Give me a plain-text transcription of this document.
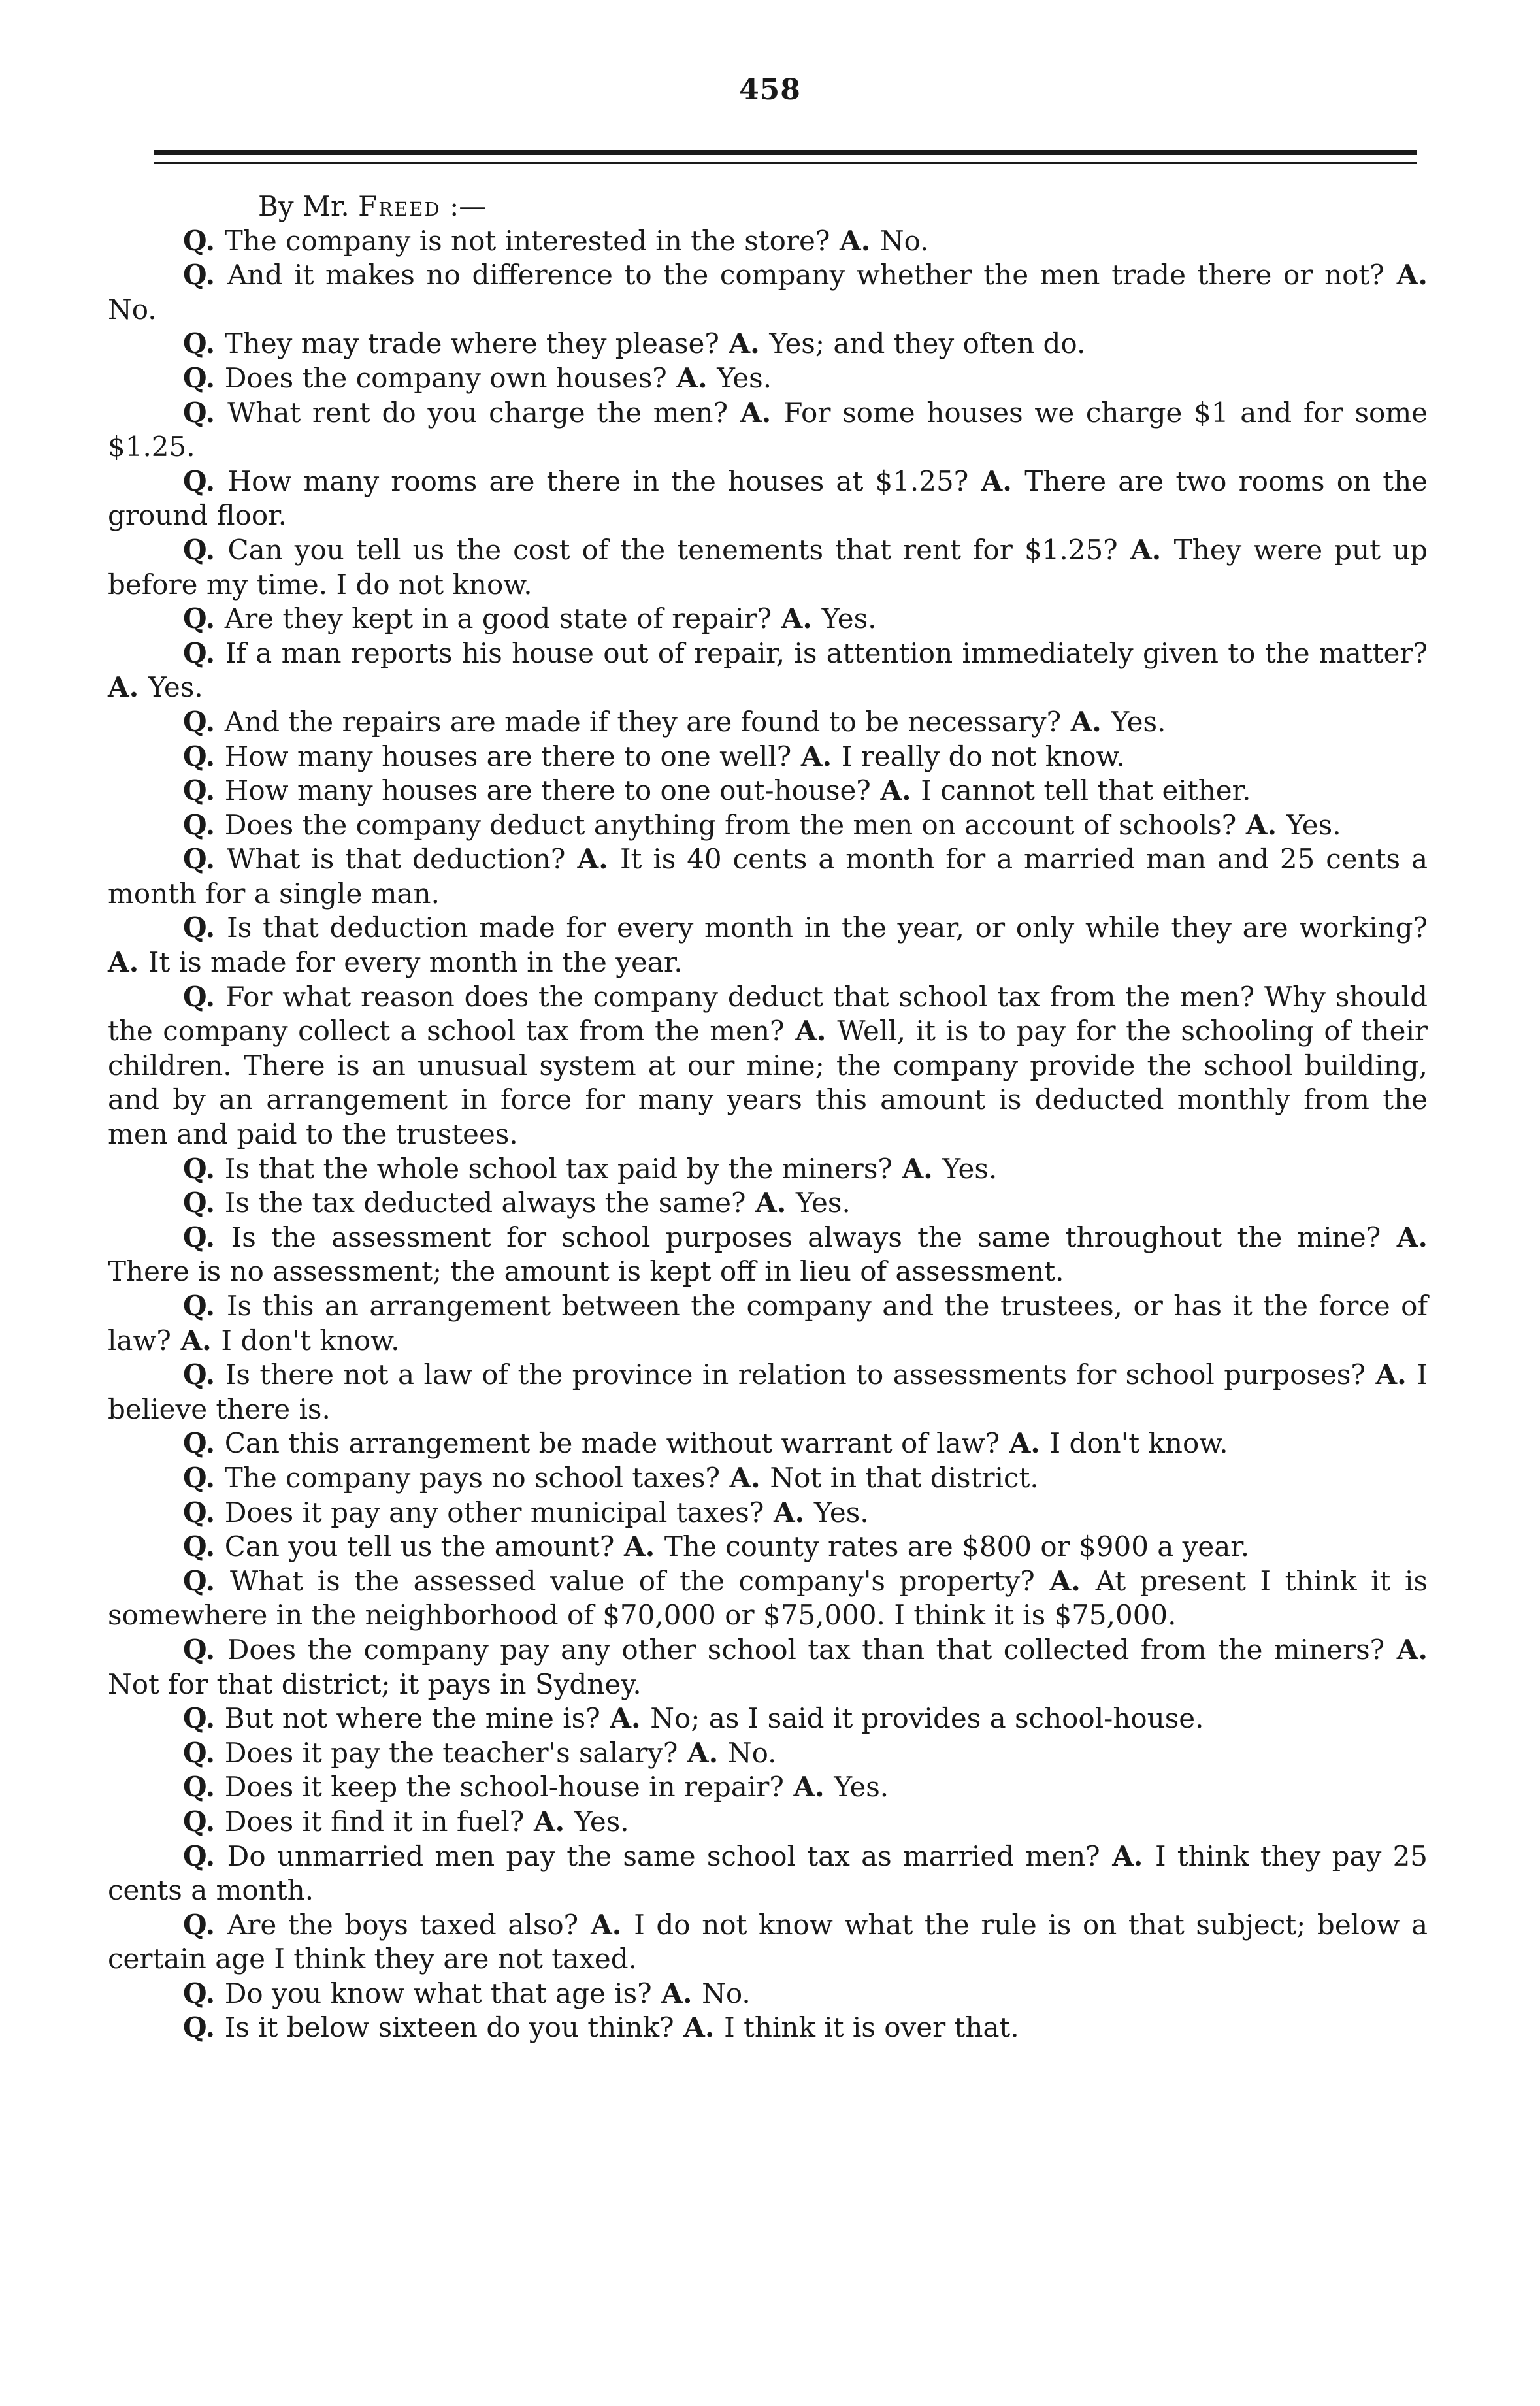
458

By Mr. Freed :—

Q. The company is not interested in the store? A. No.

Q. And it makes no difference to the company whether the men trade there or not? A. No.

Q. They may trade where they please? A. Yes; and they often do.

Q. Does the company own houses? A. Yes.

Q. What rent do you charge the men? A. For some houses we charge $1 and for some $1.25.

Q. How many rooms are there in the houses at $1.25? A. There are two rooms on the ground floor.

Q. Can you tell us the cost of the tenements that rent for $1.25? A. They were put up before my time. I do not know.

Q. Are they kept in a good state of repair? A. Yes.

Q. If a man reports his house out of repair, is attention immediately given to the matter? A. Yes.

Q. And the repairs are made if they are found to be necessary? A. Yes.

Q. How many houses are there to one well? A. I really do not know.

Q. How many houses are there to one out-house? A. I cannot tell that either.

Q. Does the company deduct anything from the men on account of schools? A. Yes.

Q. What is that deduction? A. It is 40 cents a month for a married man and 25 cents a month for a single man.

Q. Is that deduction made for every month in the year, or only while they are working? A. It is made for every month in the year.

Q. For what reason does the company deduct that school tax from the men? Why should the company collect a school tax from the men? A. Well, it is to pay for the schooling of their children. There is an unusual system at our mine; the company provide the school building, and by an arrangement in force for many years this amount is deducted monthly from the men and paid to the trustees.

Q. Is that the whole school tax paid by the miners? A. Yes.

Q. Is the tax deducted always the same? A. Yes.

Q. Is the assessment for school purposes always the same throughout the mine? A. There is no assessment; the amount is kept off in lieu of assessment.

Q. Is this an arrangement between the company and the trustees, or has it the force of law? A. I don't know.

Q. Is there not a law of the province in relation to assessments for school purposes? A. I believe there is.

Q. Can this arrangement be made without warrant of law? A. I don't know.

Q. The company pays no school taxes? A. Not in that district.

Q. Does it pay any other municipal taxes? A. Yes.

Q. Can you tell us the amount? A. The county rates are $800 or $900 a year.

Q. What is the assessed value of the company's property? A. At present I think it is somewhere in the neighborhood of $70,000 or $75,000. I think it is $75,000.

Q. Does the company pay any other school tax than that collected from the miners? A. Not for that district; it pays in Sydney.

Q. But not where the mine is? A. No; as I said it provides a school-house.

Q. Does it pay the teacher's salary? A. No.

Q. Does it keep the school-house in repair? A. Yes.

Q. Does it find it in fuel? A. Yes.

Q. Do unmarried men pay the same school tax as married men? A. I think they pay 25 cents a month.

Q. Are the boys taxed also? A. I do not know what the rule is on that subject; below a certain age I think they are not taxed.

Q. Do you know what that age is? A. No.

Q. Is it below sixteen do you think? A. I think it is over that.
